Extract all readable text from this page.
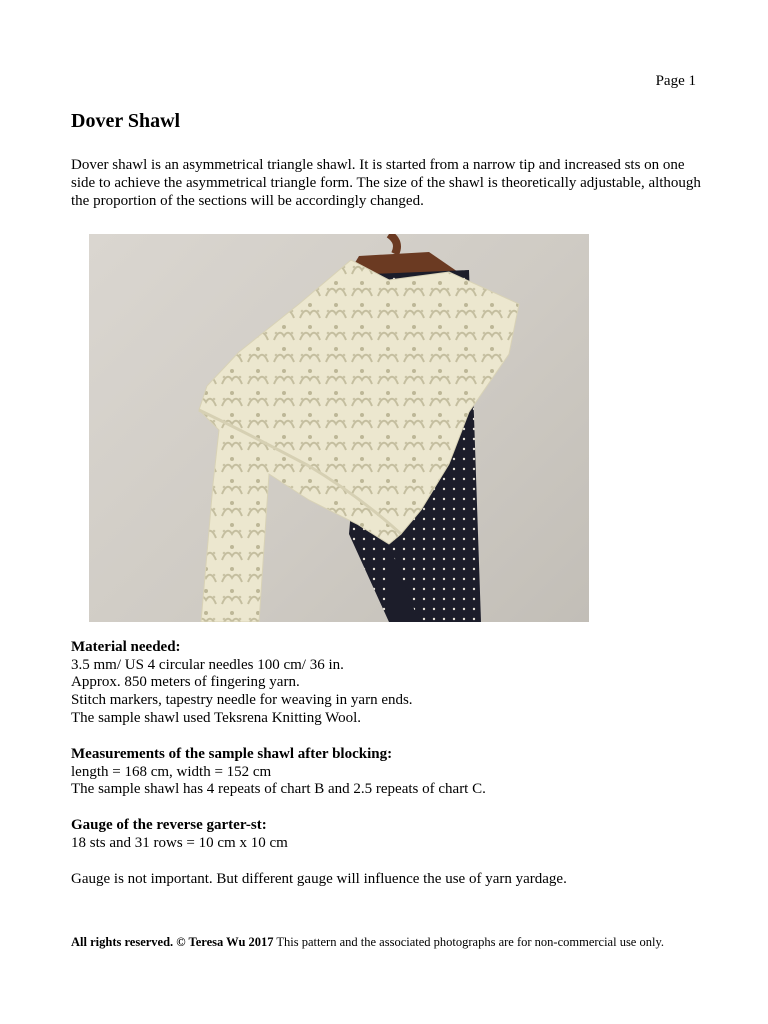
Page 1
Dover Shawl

Dover shawl is an asymmetrical triangle shawl. It is started from a narrow tip and increased sts on one side to achieve the asymmetrical triangle form. The size of the shawl is theoretically adjustable, although the proportion of the sections will be accordingly changed.

Material needed:
3.5 mm/ US 4 circular needles 100 cm/ 36 in.
Approx. 850 meters of fingering yarn.
Stitch markers, tapestry needle for weaving in yarn ends.
The sample shawl used Teksrena Knitting Wool.
Measurements of the sample shawl after blocking:
length = 168 cm, width = 152 cm
The sample shawl has 4 repeats of chart B and 2.5 repeats of chart C.
Gauge of the reverse garter-st:
18 sts and 31 rows = 10 cm x 10 cm
Gauge is not important. But different gauge will influence the use of yarn yardage.
All rights reserved. © Teresa Wu 2017 This pattern and the associated photographs are for non-commercial use only.
